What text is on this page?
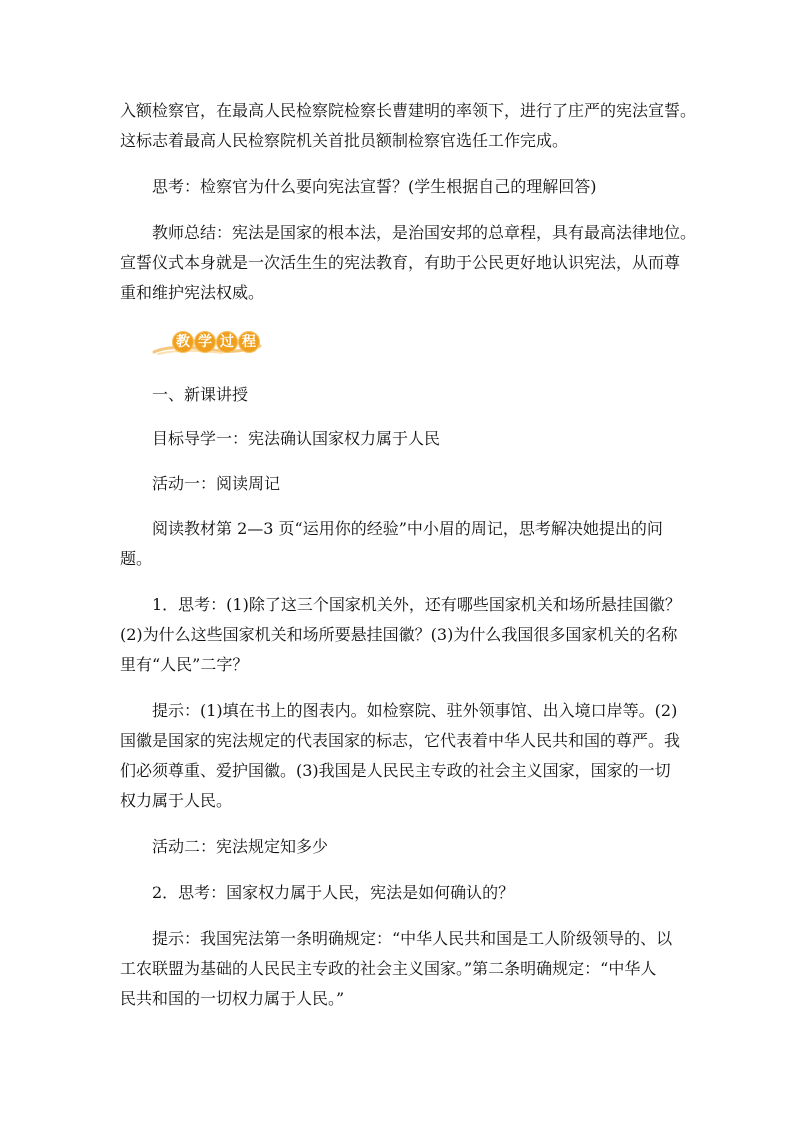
入额检察官，在最高人民检察院检察长曹建明的率领下，进行了庄严的宪法宣誓。
这标志着最高人民检察院机关首批员额制检察官选任工作完成。

思考：检察官为什么要向宪法宣誓？(学生根据自己的理解回答)

教师总结：宪法是国家的根本法，是治国安邦的总章程，具有最高法律地位。
宣誓仪式本身就是一次活生生的宪法教育，有助于公民更好地认识宪法，从而尊
重和维护宪法权威。

教 学 过 程

一、新课讲授

目标导学一：宪法确认国家权力属于人民

活动一：阅读周记

阅读教材第 2—3 页“运用你的经验”中小眉的周记，思考解决她提出的问
题。

1．思考：(1)除了这三个国家机关外，还有哪些国家机关和场所悬挂国徽？
(2)为什么这些国家机关和场所要悬挂国徽？(3)为什么我国很多国家机关的名称
里有“人民”二字？

提示：(1)填在书上的图表内。如检察院、驻外领事馆、出入境口岸等。(2)
国徽是国家的宪法规定的代表国家的标志，它代表着中华人民共和国的尊严。我
们必须尊重、爱护国徽。(3)我国是人民民主专政的社会主义国家，国家的一切
权力属于人民。

活动二：宪法规定知多少

2．思考：国家权力属于人民，宪法是如何确认的？

提示：我国宪法第一条明确规定：“中华人民共和国是工人阶级领导的、以
工农联盟为基础的人民民主专政的社会主义国家。”第二条明确规定：“中华人
民共和国的一切权力属于人民。”
